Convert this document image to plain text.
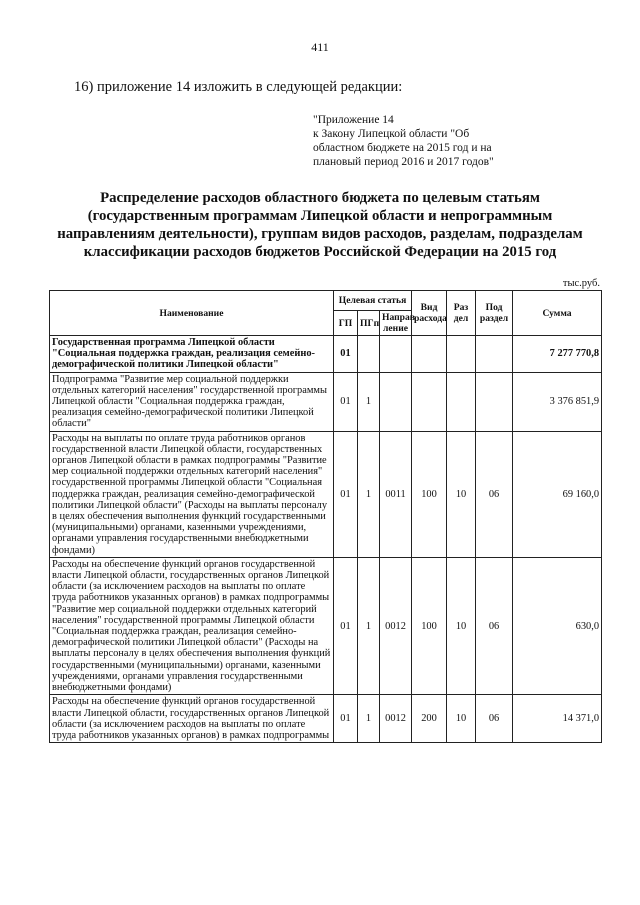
411
16) приложение 14 изложить в следующей редакции:
"Приложение 14
к Закону Липецкой области "Об
областном бюджете на 2015 год и на
плановый период 2016 и 2017 годов"
Распределение расходов областного бюджета по целевым статьям
(государственным программам Липецкой области и непрограммным
направлениям деятельности), группам видов расходов, разделам, подразделам
классификации расходов бюджетов Российской Федерации на 2015 год
тыс.руб.
Наименование	Целевая статья			Вид расхода	Раз дел	Под раздел	Сумма
	ГП	ПГп	Направ ление				
Государственная программа Липецкой области "Социальная поддержка граждан, реализация семейно-демографической политики Липецкой области"	01						7 277 770,8
Подпрограмма "Развитие мер социальной поддержки отдельных категорий населения" государственной программы Липецкой области "Социальная поддержка граждан, реализация семейно-демографической политики Липецкой области"	01	1					3 376 851,9
Расходы на выплаты по оплате труда работников органов государственной власти Липецкой области, государственных органов Липецкой области в рамках подпрограммы "Развитие мер социальной поддержки отдельных категорий населения" государственной программы Липецкой области "Социальная поддержка граждан, реализация семейно-демографической политики Липецкой области" (Расходы на выплаты персоналу в целях обеспечения выполнения функций государственными (муниципальными) органами, казенными учреждениями, органами управления государственными внебюджетными фондами)	01	1	0011	100	10	06	69 160,0
Расходы на обеспечение функций органов государственной власти Липецкой области, государственных органов Липецкой области (за исключением расходов на выплаты по оплате труда работников указанных органов) в рамках подпрограммы "Развитие мер социальной поддержки отдельных категорий населения" государственной программы Липецкой области "Социальная поддержка граждан, реализация семейно-демографической политики Липецкой области" (Расходы на выплаты персоналу в целях обеспечения выполнения функций государственными (муниципальными) органами, казенными учреждениями, органами управления государственными внебюджетными фондами)	01	1	0012	100	10	06	630,0
Расходы на обеспечение функций органов государственной власти Липецкой области, государственных органов Липецкой области (за исключением расходов на выплаты по оплате труда работников указанных органов) в рамках подпрограммы	01	1	0012	200	10	06	14 371,0
